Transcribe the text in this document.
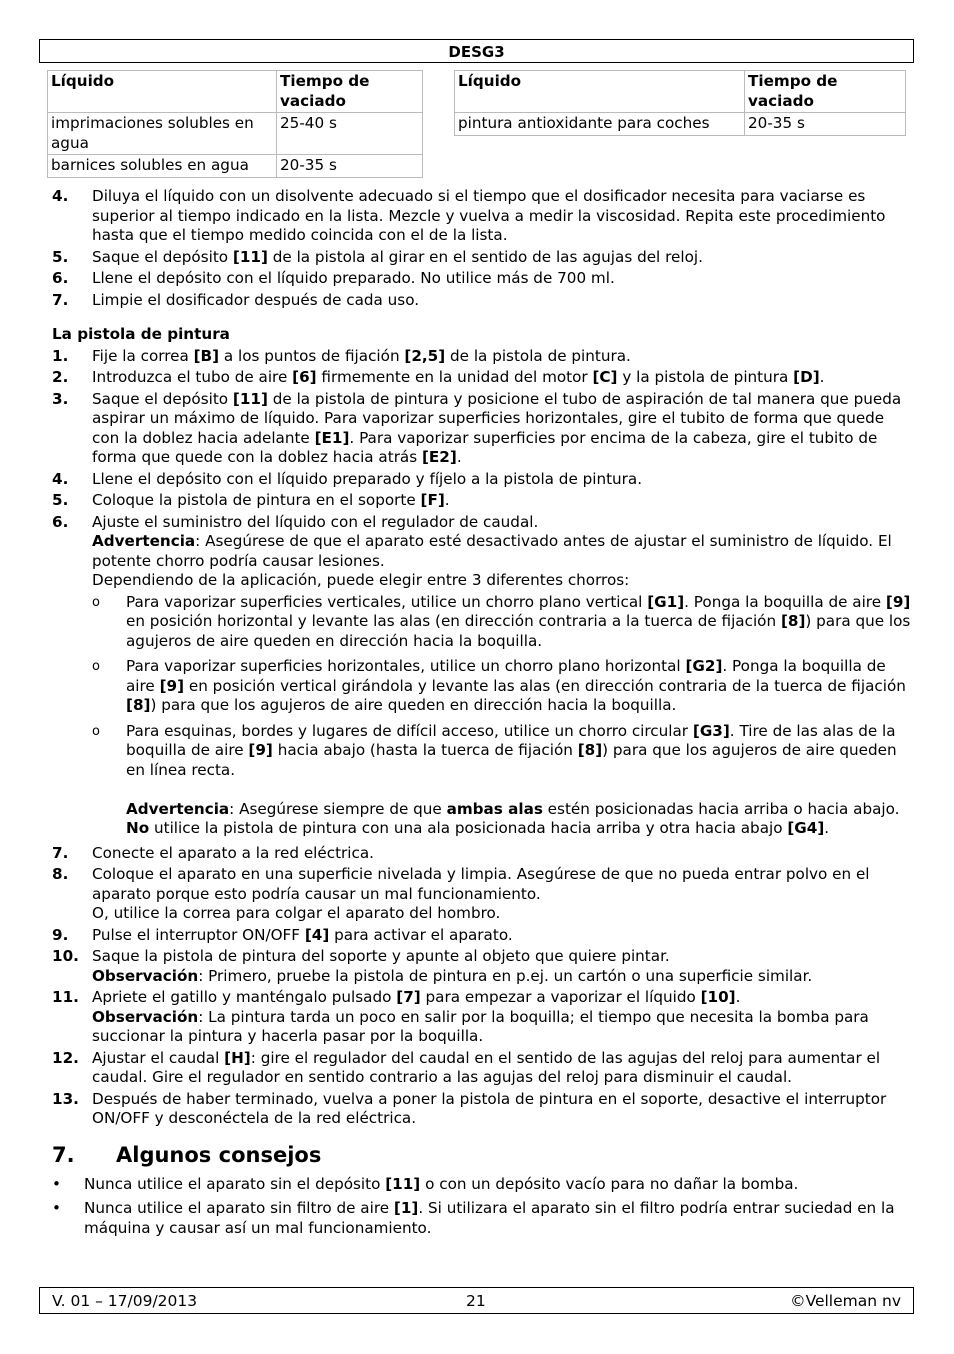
DESG3
Líquido	Tiempo de vaciado
imprimaciones solubles en agua	25-40 s
barnices solubles en agua	20-35 s
Líquido	Tiempo de vaciado
pintura antioxidante para coches	20-35 s
4. Diluya el líquido con un disolvente adecuado si el tiempo que el dosificador necesita para vaciarse es superior al tiempo indicado en la lista. Mezcle y vuelva a medir la viscosidad. Repita este procedimiento hasta que el tiempo medido coincida con el de la lista.
5. Saque el depósito [11] de la pistola al girar en el sentido de las agujas del reloj.
6. Llene el depósito con el líquido preparado. No utilice más de 700 ml.
7. Limpie el dosificador después de cada uso.
La pistola de pintura
1. Fije la correa [B] a los puntos de fijación [2,5] de la pistola de pintura.
2. Introduzca el tubo de aire [6] firmemente en la unidad del motor [C] y la pistola de pintura [D].
3. Saque el depósito [11] de la pistola de pintura y posicione el tubo de aspiración de tal manera que pueda aspirar un máximo de líquido. Para vaporizar superficies horizontales, gire el tubito de forma que quede con la doblez hacia adelante [E1]. Para vaporizar superficies por encima de la cabeza, gire el tubito de forma que quede con la doblez hacia atrás [E2].
4. Llene el depósito con el líquido preparado y fíjelo a la pistola de pintura.
5. Coloque la pistola de pintura en el soporte [F].
6. Ajuste el suministro del líquido con el regulador de caudal.
Advertencia: Asegúrese de que el aparato esté desactivado antes de ajustar el suministro de líquido. El potente chorro podría causar lesiones.
Dependiendo de la aplicación, puede elegir entre 3 diferentes chorros:
o Para vaporizar superficies verticales, utilice un chorro plano vertical [G1]. Ponga la boquilla de aire [9] en posición horizontal y levante las alas (en dirección contraria a la tuerca de fijación [8]) para que los agujeros de aire queden en dirección hacia la boquilla.
o Para vaporizar superficies horizontales, utilice un chorro plano horizontal [G2]. Ponga la boquilla de aire [9] en posición vertical girándola y levante las alas (en dirección contraria de la tuerca de fijación [8]) para que los agujeros de aire queden en dirección hacia la boquilla.
o Para esquinas, bordes y lugares de difícil acceso, utilice un chorro circular [G3]. Tire de las alas de la boquilla de aire [9] hacia abajo (hasta la tuerca de fijación [8]) para que los agujeros de aire queden en línea recta.

Advertencia: Asegúrese siempre de que ambas alas estén posicionadas hacia arriba o hacia abajo. No utilice la pistola de pintura con una ala posicionada hacia arriba y otra hacia abajo [G4].
7. Conecte el aparato a la red eléctrica.
8. Coloque el aparato en una superficie nivelada y limpia. Asegúrese de que no pueda entrar polvo en el aparato porque esto podría causar un mal funcionamiento.
O, utilice la correa para colgar el aparato del hombro.
9. Pulse el interruptor ON/OFF [4] para activar el aparato.
10. Saque la pistola de pintura del soporte y apunte al objeto que quiere pintar.
Observación: Primero, pruebe la pistola de pintura en p.ej. un cartón o una superficie similar.
11. Apriete el gatillo y manténgalo pulsado [7] para empezar a vaporizar el líquido [10].
Observación: La pintura tarda un poco en salir por la boquilla; el tiempo que necesita la bomba para succionar la pintura y hacerla pasar por la boquilla.
12. Ajustar el caudal [H]: gire el regulador del caudal en el sentido de las agujas del reloj para aumentar el caudal. Gire el regulador en sentido contrario a las agujas del reloj para disminuir el caudal.
13. Después de haber terminado, vuelva a poner la pistola de pintura en el soporte, desactive el interruptor ON/OFF y desconéctela de la red eléctrica.
7. Algunos consejos
• Nunca utilice el aparato sin el depósito [11] o con un depósito vacío para no dañar la bomba.
• Nunca utilice el aparato sin filtro de aire [1]. Si utilizara el aparato sin el filtro podría entrar suciedad en la máquina y causar así un mal funcionamiento.
V. 01 – 17/09/2013	21	©Velleman nv
